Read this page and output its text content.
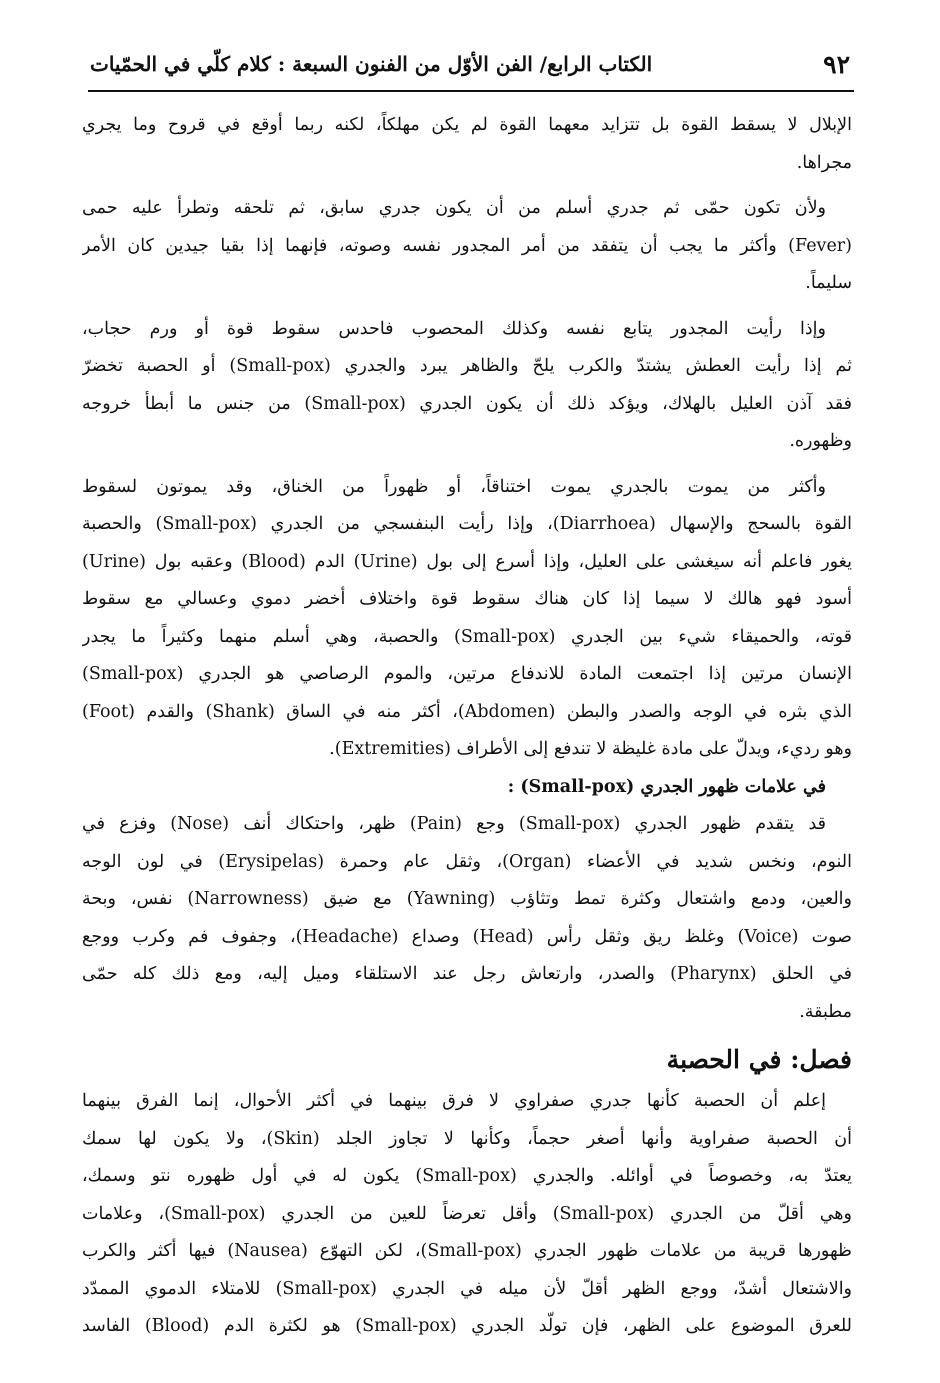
٩٢
الكتاب الرابع/ الفن الأوّل من الفنون السبعة : كلام كلّي في الحمّيات
الإبلال لا يسقط القوة بل تتزايد معهما القوة لم يكن مهلكاً، لكنه ربما أوقع في قروح وما يجري
مجراها.
ولأن تكون حمّى ثم جدري أسلم من أن يكون جدري سابق، ثم تلحقه وتطرأ عليه حمى
(Fever) وأكثر ما يجب أن يتفقد من أمر المجدور نفسه وصوته، فإنهما إذا بقيا جيدين كان الأمر
سليماً.
وإذا رأيت المجدور يتابع نفسه وكذلك المحصوب فاحدس سقوط قوة أو ورم حجاب،
ثم إذا رأيت العطش يشتدّ والكرب يلحّ والظاهر يبرد والجدري (Small-pox) أو الحصبة تخضرّ
فقد آذن العليل بالهلاك، ويؤكد ذلك أن يكون الجدري (Small-pox) من جنس ما أبطأ خروجه
وظهوره.
وأكثر من يموت بالجدري يموت اختناقاً، أو ظهوراً من الخناق، وقد يموتون لسقوط
القوة بالسحج والإسهال (Diarrhoea)، وإذا رأيت البنفسجي من الجدري (Small-pox) والحصبة
يغور فاعلم أنه سيغشى على العليل، وإذا أسرع إلى بول (Urine) الدم (Blood) وعقبه بول (Urine)
أسود فهو هالك لا سيما إذا كان هناك سقوط قوة واختلاف أخضر دموي وعسالي مع سقوط
قوته، والحميقاء شيء بين الجدري (Small-pox) والحصبة، وهي أسلم منهما وكثيراً ما يجدر
الإنسان مرتين إذا اجتمعت المادة للاندفاع مرتين، والموم الرصاصي هو الجدري (Small-pox)
الذي بثره في الوجه والصدر والبطن (Abdomen)، أكثر منه في الساق (Shank) والقدم (Foot)
وهو رديء، ويدلّ على مادة غليظة لا تندفع إلى الأطراف (Extremities).
في علامات ظهور الجدري (Small-pox) :
قد يتقدم ظهور الجدري (Small-pox) وجع (Pain) ظهر، واحتكاك أنف (Nose) وفزع في
النوم، ونخس شديد في الأعضاء (Organ)، وثقل عام وحمرة (Erysipelas) في لون الوجه
والعين، ودمع واشتعال وكثرة تمط وتثاؤب (Yawning) مع ضيق (Narrowness) نفس، وبحة
صوت (Voice) وغلظ ريق وثقل رأس (Head) وصداع (Headache)، وجفوف فم وكرب ووجع
في الحلق (Pharynx) والصدر، وارتعاش رجل عند الاستلقاء وميل إليه، ومع ذلك كله حمّى
مطبقة.
فصل: في الحصبة
إعلم أن الحصبة كأنها جدري صفراوي لا فرق بينهما في أكثر الأحوال، إنما الفرق بينهما
أن الحصبة صفراوية وأنها أصغر حجماً، وكأنها لا تجاوز الجلد (Skin)، ولا يكون لها سمك
يعتدّ به، وخصوصاً في أوائله. والجدري (Small-pox) يكون له في أول ظهوره نتو وسمك،
وهي أقلّ من الجدري (Small-pox) وأقل تعرضاً للعين من الجدري (Small-pox)، وعلامات
ظهورها قريبة من علامات ظهور الجدري (Small-pox)، لكن التهوّع (Nausea) فيها أكثر والكرب
والاشتعال أشدّ، ووجع الظهر أقلّ لأن ميله في الجدري (Small-pox) للامتلاء الدموي الممدّد
للعرق الموضوع على الظهر، فإن تولّد الجدري (Small-pox) هو لكثرة الدم (Blood) الفاسد
